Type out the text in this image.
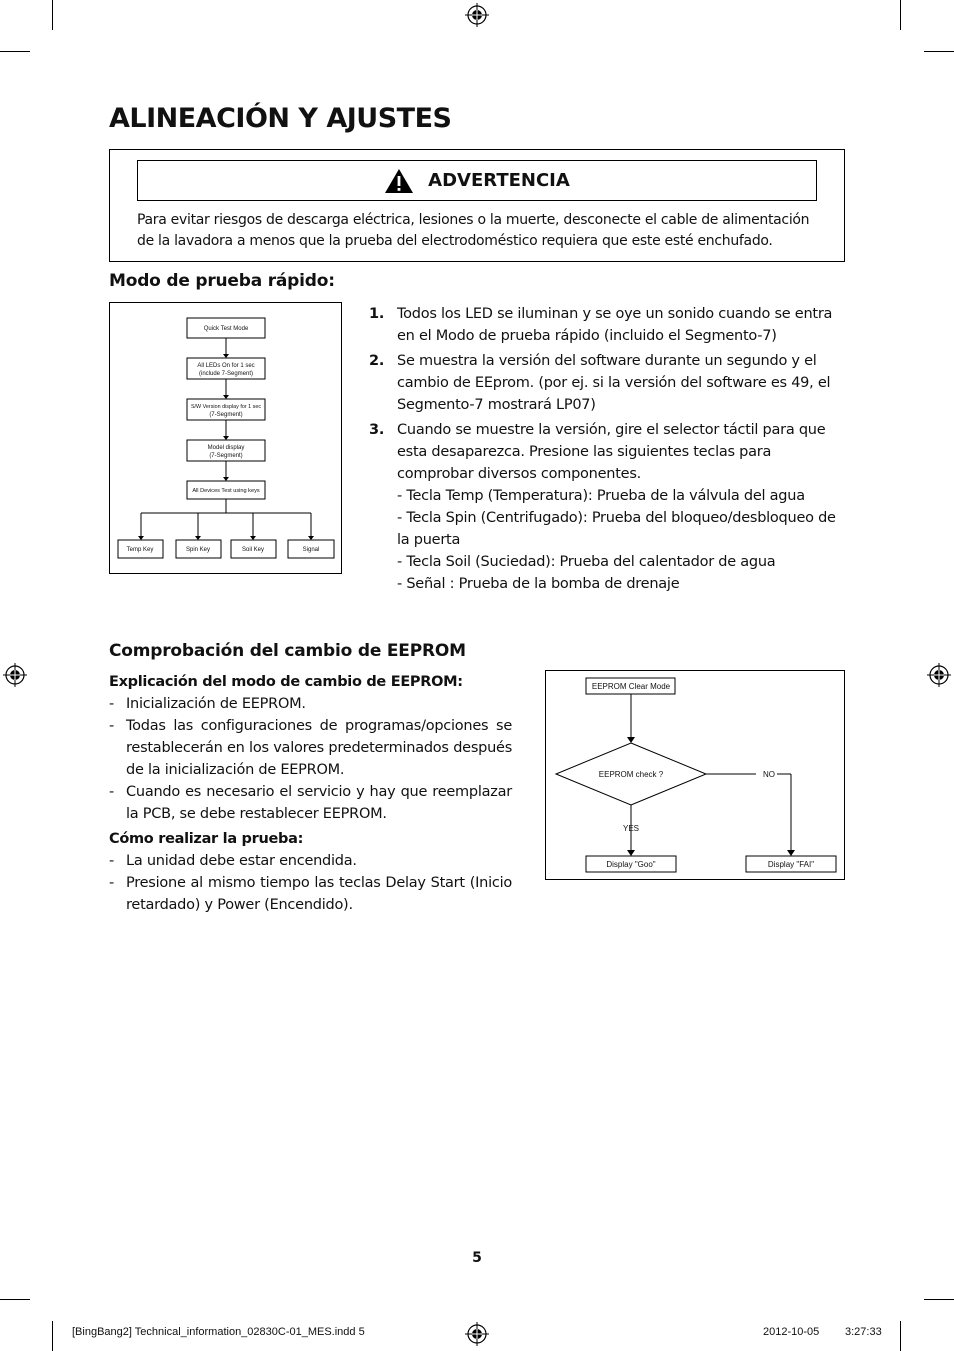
ALINEACIÓN Y AJUSTES
ADVERTENCIA
Para evitar riesgos de descarga eléctrica, lesiones o la muerte, desconecte el cable de alimentación de la lavadora a menos que la prueba del electrodoméstico requiera que este esté enchufado.
Modo de prueba rápido:
Quick Test Mode
All LEDs On for 1 sec
(include 7-Segment)
S/W Version display for 1 sec
(7-Segment)
Model display
(7-Segment)
All Devices Test using keys
Temp Key	Spin Key	Soil Key	Signal
1. Todos los LED se iluminan y se oye un sonido cuando se entra en el Modo de prueba rápido (incluido el Segmento-7)
2. Se muestra la versión del software durante un segundo y el cambio de EEprom. (por ej. si la versión del software es 49, el Segmento-7 mostrará LP07)
3. Cuando se muestre la versión, gire el selector táctil para que esta desaparezca. Presione las siguientes teclas para comprobar diversos componentes.
- Tecla Temp (Temperatura): Prueba de la válvula del agua
- Tecla Spin (Centrifugado): Prueba del bloqueo/desbloqueo de la puerta
- Tecla Soil (Suciedad): Prueba del calentador de agua
- Señal : Prueba de la bomba de drenaje
Comprobación del cambio de EEPROM
Explicación del modo de cambio de EEPROM:
- Inicialización de EEPROM.
- Todas las configuraciones de programas/opciones se restablecerán en los valores predeterminados después de la inicialización de EEPROM.
- Cuando es necesario el servicio y hay que reemplazar la PCB, se debe restablecer EEPROM.
Cómo realizar la prueba:
- La unidad debe estar encendida.
- Presione al mismo tiempo las teclas Delay Start (Inicio retardado) y Power (Encendido).
EEPROM Clear Mode
EEPROM check ?	NO
YES
Display "Goo"	Display "FAI"
5
[BingBang2] Technical_information_02830C-01_MES.indd 5	2012-10-05 3:27:33
